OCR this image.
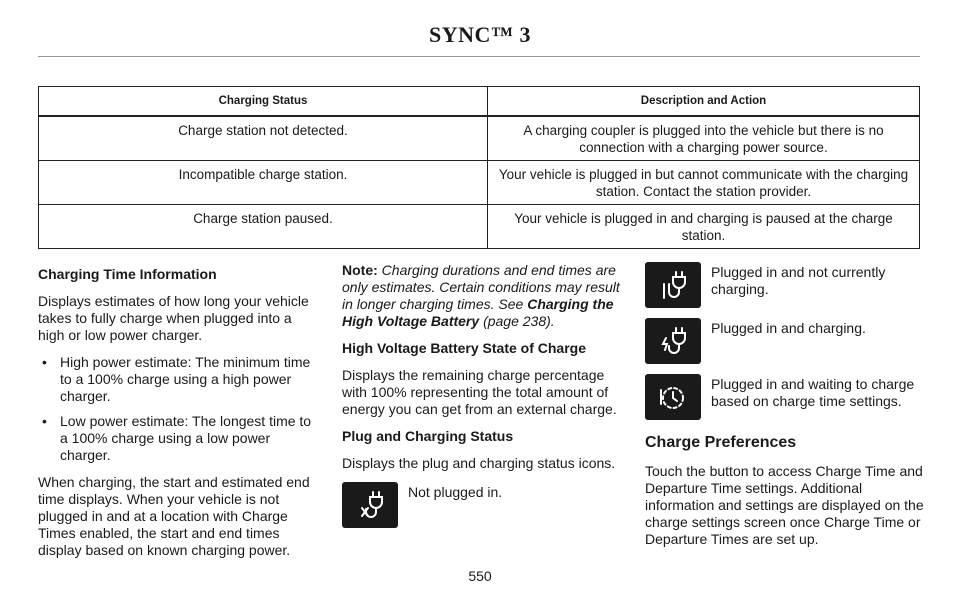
SYNC™ 3
Charging Status	Description and Action
Charge station not detected.	A charging coupler is plugged into the vehicle but there is no connection with a charging power source.
Incompatible charge station.	Your vehicle is plugged in but cannot communicate with the charging station. Contact the station provider.
Charge station paused.	Your vehicle is plugged in and charging is paused at the charge station.
Charging Time Information

Displays estimates of how long your vehicle takes to fully charge when plugged into a high or low power charger.

• High power estimate: The minimum time to a 100% charge using a high power charger.
• Low power estimate: The longest time to a 100% charge using a low power charger.

When charging, the start and estimated end time displays. When your vehicle is not plugged in and at a location with Charge Times enabled, the start and end times display based on known charging power.

Note: Charging durations and end times are only estimates. Certain conditions may result in longer charging times. See Charging the High Voltage Battery (page 238).

High Voltage Battery State of Charge

Displays the remaining charge percentage with 100% representing the total amount of energy you can get from an external charge.

Plug and Charging Status

Displays the plug and charging status icons.

Not plugged in.
Plugged in and not currently charging.
Plugged in and charging.
Plugged in and waiting to charge based on charge time settings.
Charge Preferences

Touch the button to access Charge Time and Departure Time settings. Additional information and settings are displayed on the charge settings screen once Charge Time or Departure Times are set up.

550
